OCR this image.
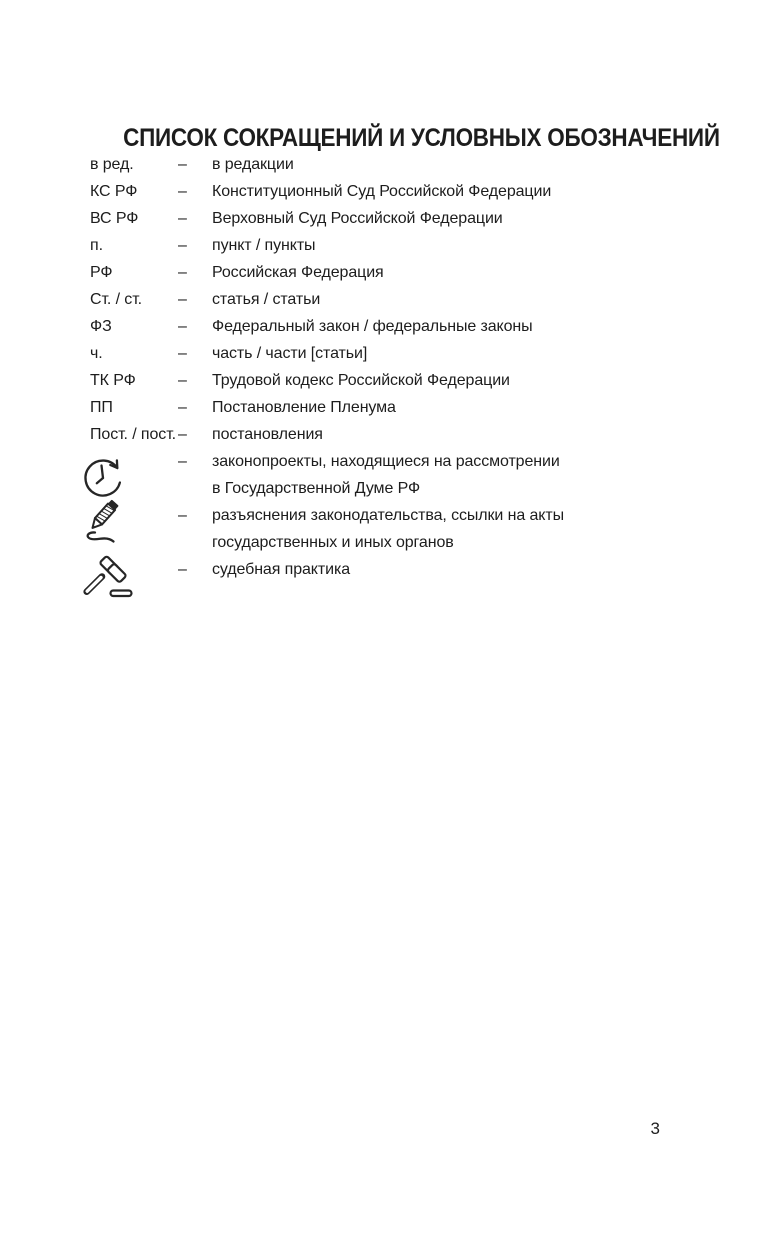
СПИСОК СОКРАЩЕНИЙ И УСЛОВНЫХ ОБОЗНАЧЕНИЙ
в ред.	–	в редакции
КС РФ	–	Конституционный Суд Российской Федерации
ВС РФ	–	Верховный Суд Российской Федерации
п.	–	пункт / пункты
РФ	–	Российская Федерация
Ст. / ст.	–	статья / статьи
ФЗ	–	Федеральный закон / федеральные законы
ч.	–	часть / части [статьи]
ТК РФ	–	Трудовой кодекс Российской Федерации
ПП	–	Постановление Пленума
Пост. / пост. –	постановления
–	законопроекты, находящиеся на рассмотрении
в Государственной Думе РФ
–	разъяснения законодательства, ссылки на акты
государственных и иных органов
–	судебная практика
3
